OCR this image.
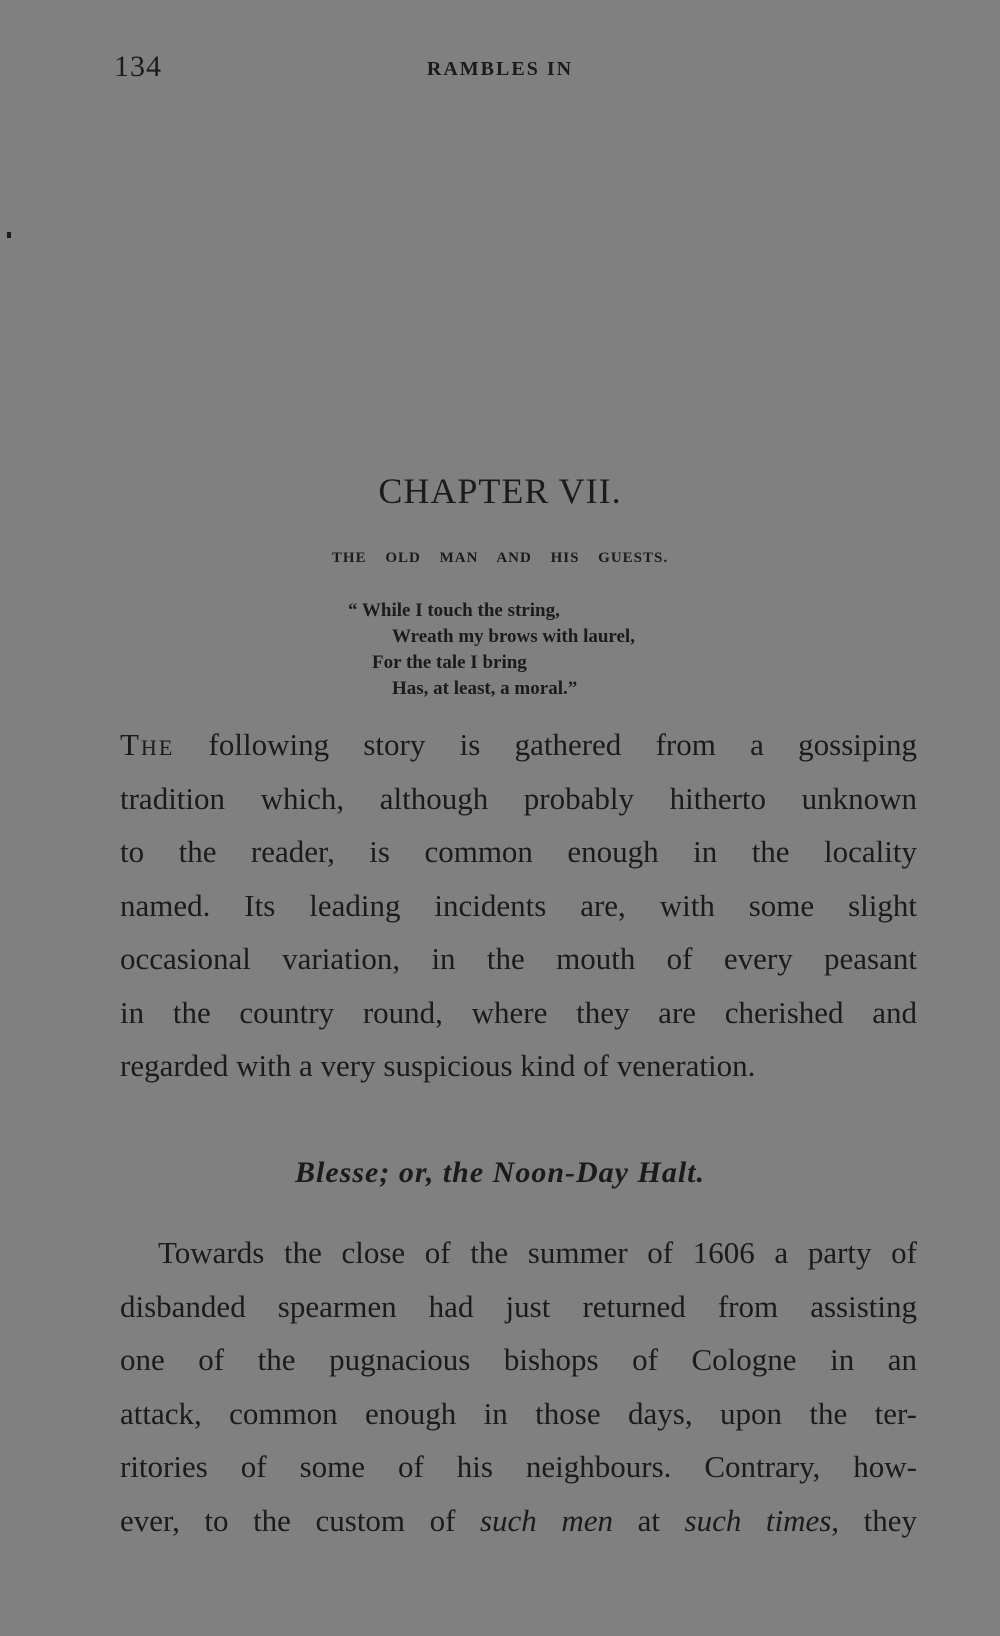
134	RAMBLES IN
CHAPTER VII.
THE OLD MAN AND HIS GUESTS.
“ While I touch the string,
Wreath my brows with laurel,
For the tale I bring
Has, at least, a moral.”
The following story is gathered from a gossiping
tradition which, although probably hitherto unknown
to the reader, is common enough in the locality
named. Its leading incidents are, with some slight
occasional variation, in the mouth of every peasant
in the country round, where they are cherished and
regarded with a very suspicious kind of veneration.
Blesse; or, the Noon-Day Halt.
Towards the close of the summer of 1606 a party of
disbanded spearmen had just returned from assisting
one of the pugnacious bishops of Cologne in an
attack, common enough in those days, upon the ter-
ritories of some of his neighbours. Contrary, how-
ever, to the custom of such men at such times, they
